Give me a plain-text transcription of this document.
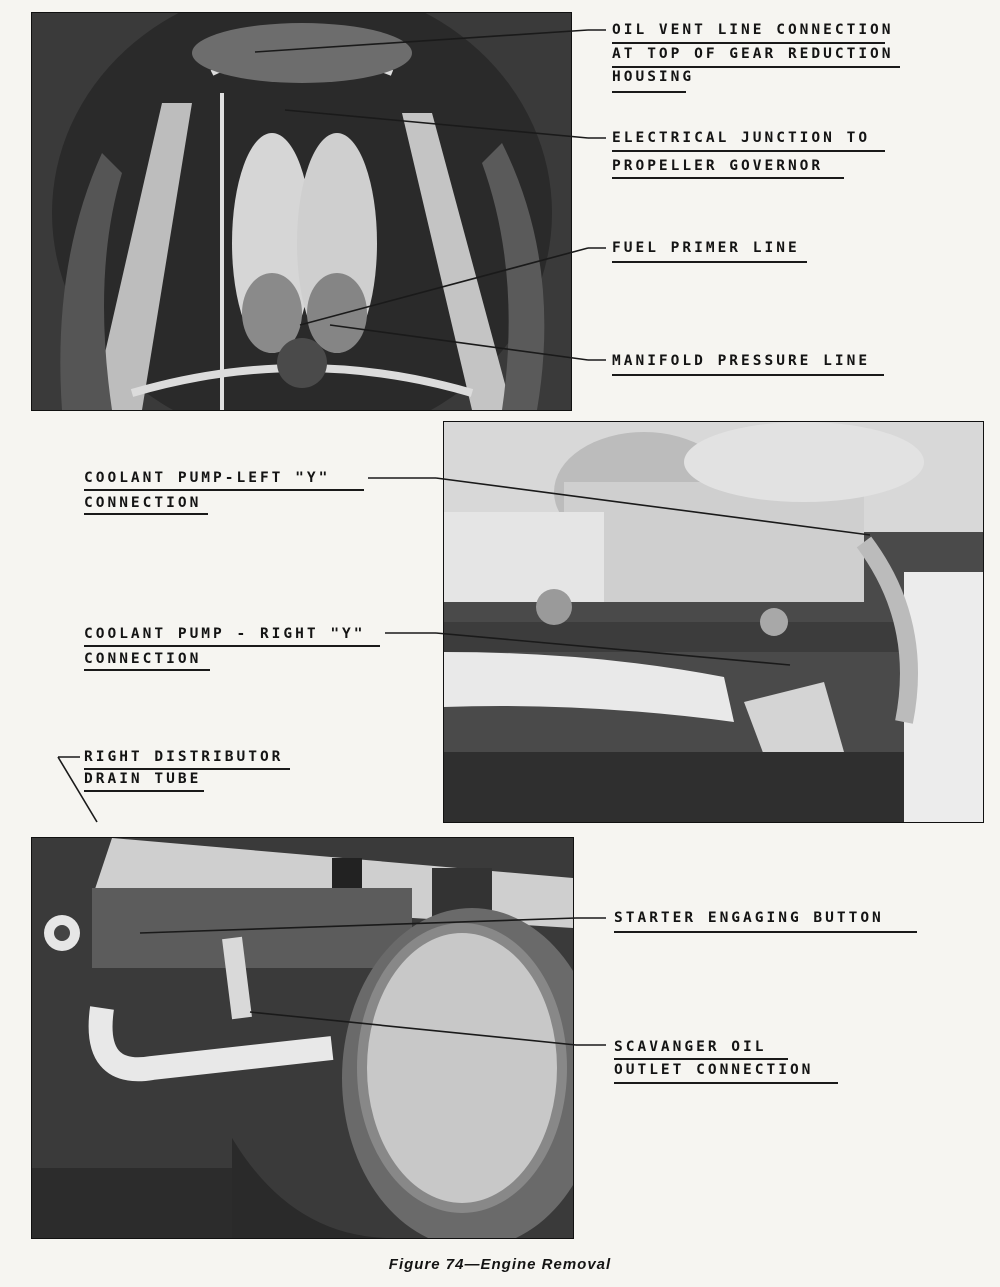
OIL VENT LINE CONNECTION
AT TOP OF GEAR REDUCTION
HOUSING
ELECTRICAL JUNCTION TO
PROPELLER GOVERNOR
FUEL PRIMER LINE
MANIFOLD PRESSURE LINE
COOLANT PUMP-LEFT "Y"
CONNECTION
COOLANT PUMP - RIGHT "Y"
CONNECTION
RIGHT DISTRIBUTOR
DRAIN TUBE
STARTER ENGAGING BUTTON
SCAVANGER OIL
OUTLET CONNECTION
Figure 74—Engine Removal
